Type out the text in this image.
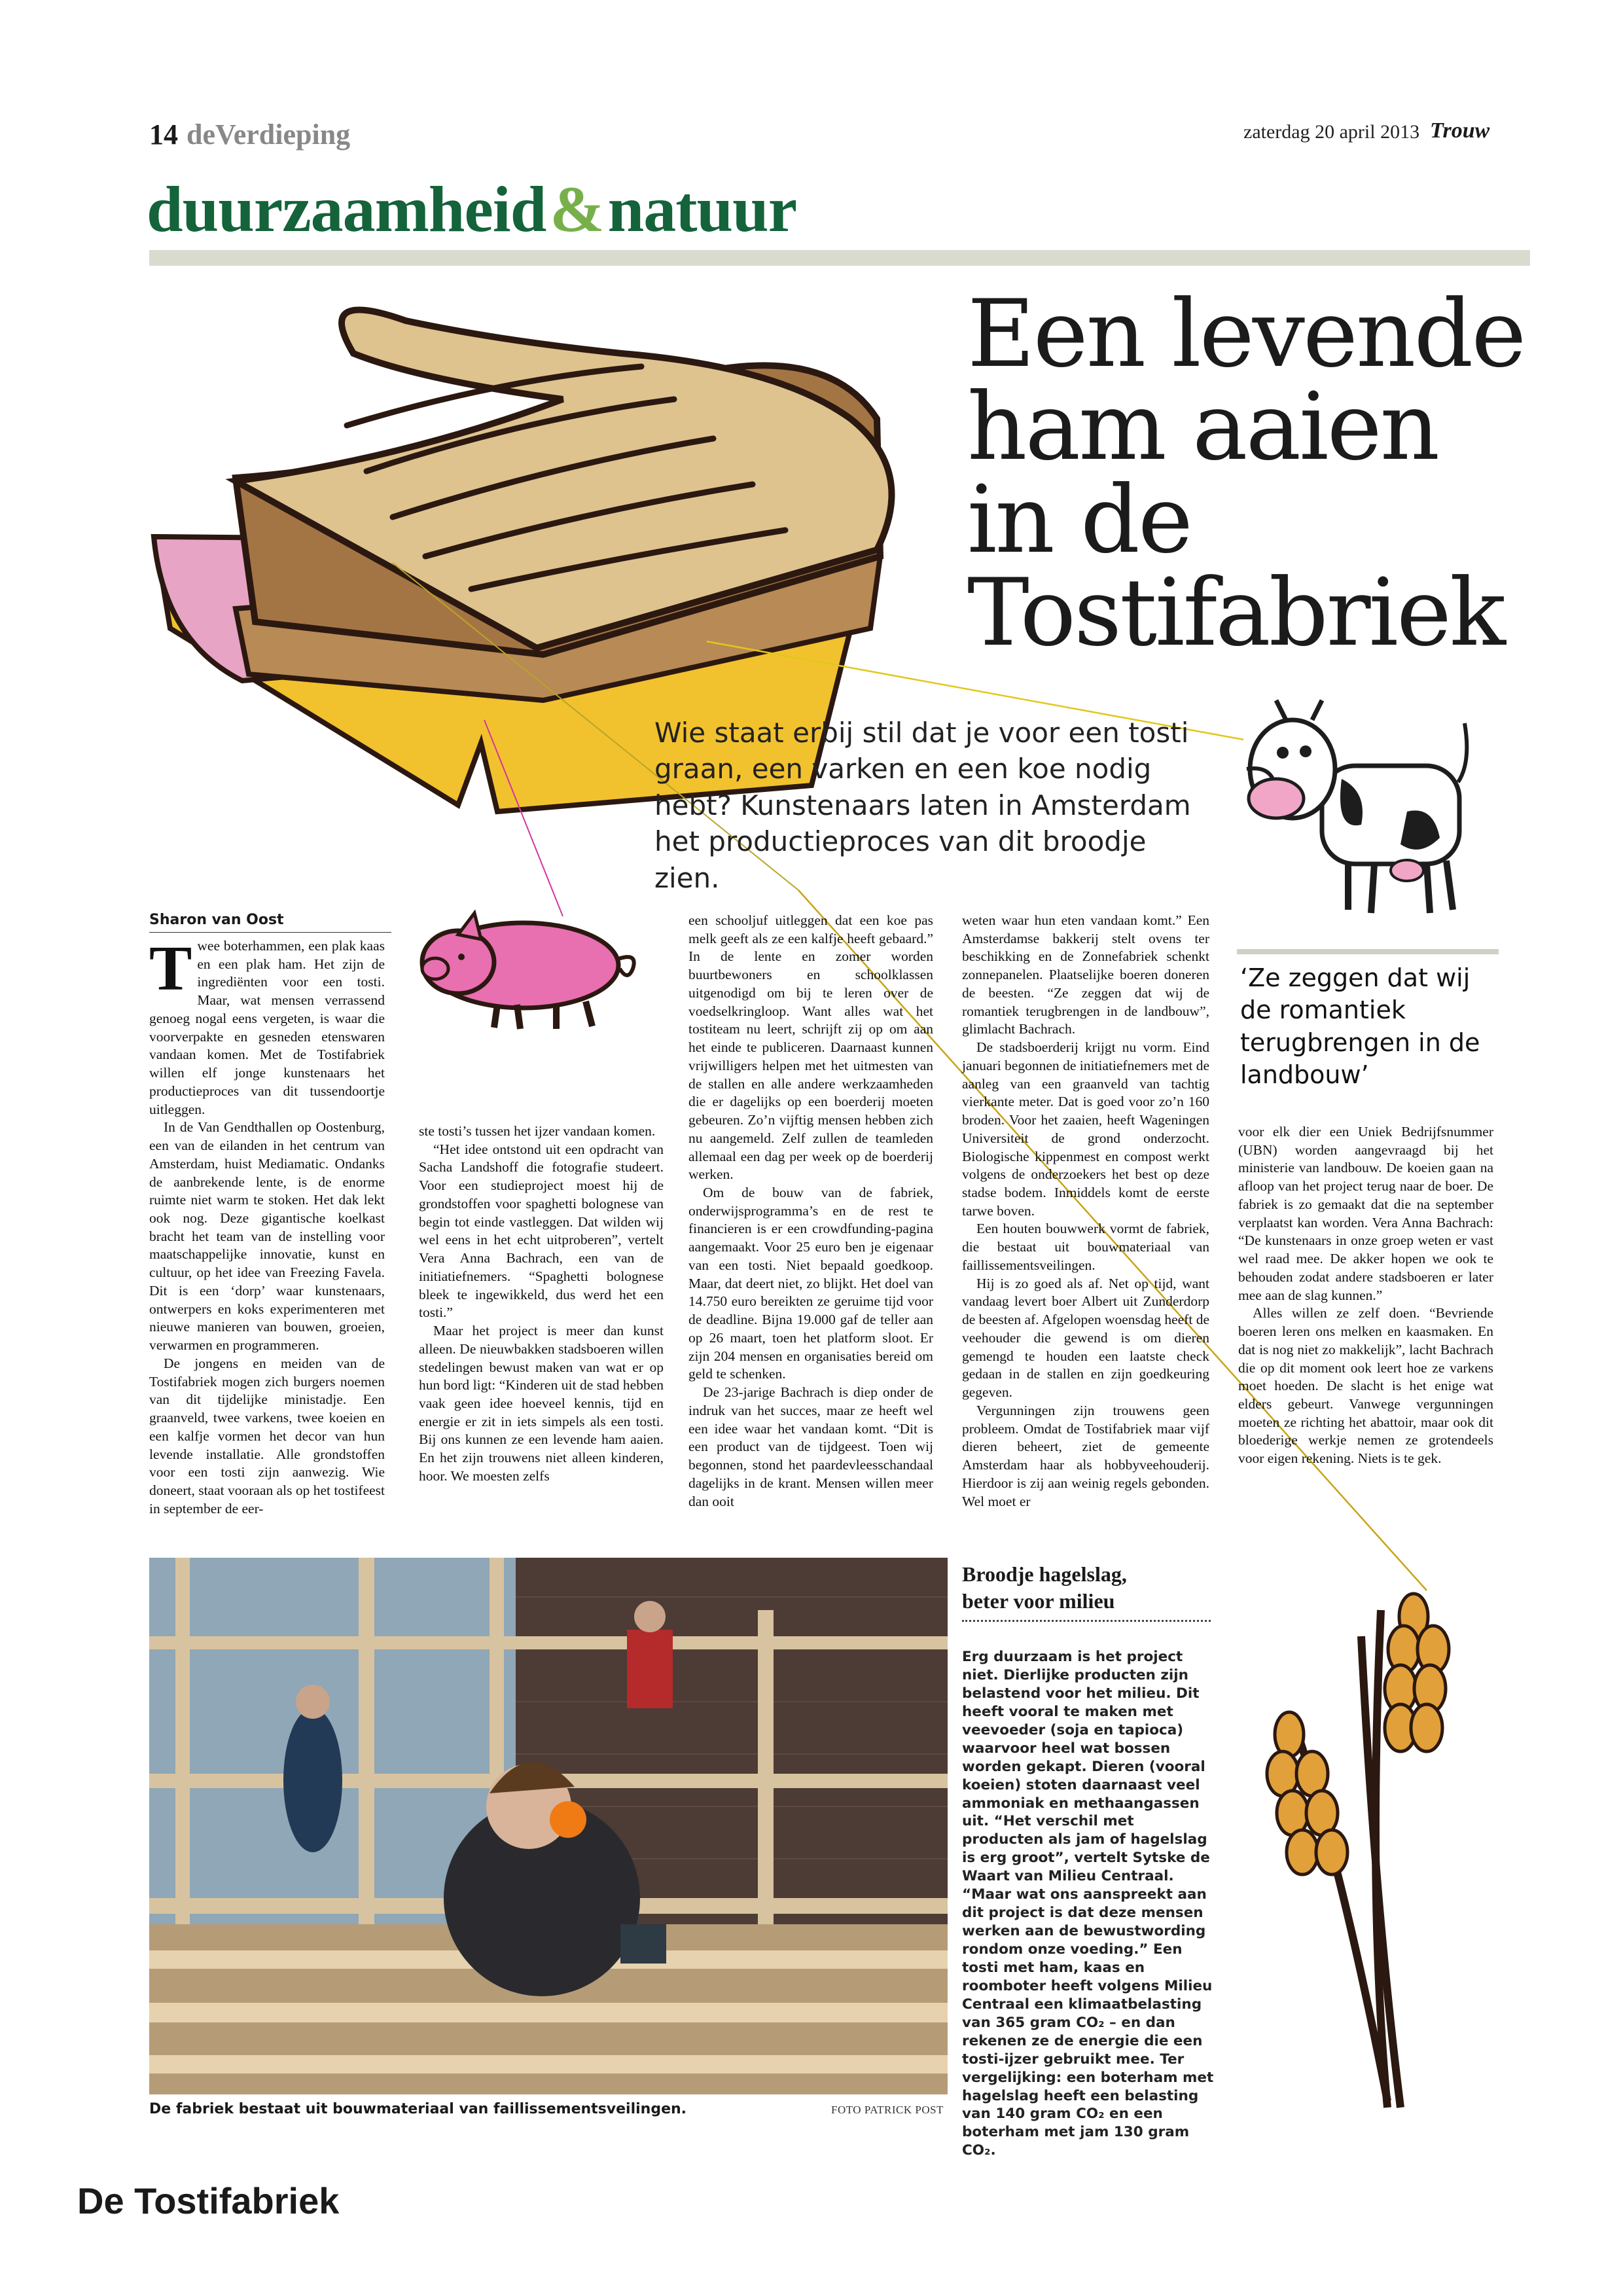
14 deVerdieping	zaterdag 20 april 2013 Trouw
duurzaamheid&natuur
Een levende
ham aaien
in de
Tostifabriek
Wie staat erbij stil dat je voor een tosti graan, een varken en een koe nodig hebt? Kunstenaars laten in Amsterdam het productieproces van dit broodje zien.
‘Ze zeggen dat wij de romantiek terugbrengen in de landbouw’
Sharon van Oost

Twee boterhammen, een plak kaas en een plak ham. Het zijn de ingrediënten voor een tosti. Maar, wat mensen verrassend genoeg nogal eens vergeten, is waar die voorverpakte en gesneden etenswaren vandaan komen. Met de Tostifabriek willen elf jonge kunstenaars het productieproces van dit tussendoortje uitleggen.

In de Van Gendthallen op Oostenburg, een van de eilanden in het centrum van Amsterdam, huist Mediamatic. Ondanks de aanbrekende lente, is de enorme ruimte niet warm te stoken. Het dak lekt ook nog. Deze gigantische koelkast bracht het team van de instelling voor maatschappelijke innovatie, kunst en cultuur, op het idee van Freezing Favela. Dit is een ‘dorp’ waar kunstenaars, ontwerpers en koks experimenteren met nieuwe manieren van bouwen, groeien, verwarmen en programmeren.

De jongens en meiden van de Tostifabriek mogen zich burgers noemen van dit tijdelijke ministadje. Een graanveld, twee varkens, twee koeien en een kalfje vormen het decor van hun levende installatie. Alle grondstoffen voor een tosti zijn aanwezig. Wie doneert, staat vooraan als op het tostifeest in september de eer-

ste tosti’s tussen het ijzer vandaan komen.

“Het idee ontstond uit een opdracht van Sacha Landshoff die fotografie studeert. Voor een studieproject moest hij de grondstoffen voor spaghetti bolognese van begin tot einde vastleggen. Dat wilden wij wel eens in het echt uitproberen”, vertelt Vera Anna Bachrach, een van de initiatiefnemers. “Spaghetti bolognese bleek te ingewikkeld, dus werd het een tosti.”

Maar het project is meer dan kunst alleen. De nieuwbakken stadsboeren willen stedelingen bewust maken van wat er op hun bord ligt: “Kinderen uit de stad hebben vaak geen idee hoeveel kennis, tijd en energie er zit in iets simpels als een tosti. Bij ons kunnen ze een levende ham aaien. En het zijn trouwens niet alleen kinderen, hoor. We moesten zelfs

een schooljuf uitleggen dat een koe pas melk geeft als ze een kalfje heeft gebaard.” In de lente en zomer worden buurtbewoners en schoolklassen uitgenodigd om bij te leren over de voedselkringloop. Want alles wat het tostiteam nu leert, schrijft zij op om aan het einde te publiceren. Daarnaast kunnen vrijwilligers helpen met het uitmesten van de stallen en alle andere werkzaamheden die er dagelijks op een boerderij moeten gebeuren. Zo’n vijftig mensen hebben zich nu aangemeld. Zelf zullen de teamleden allemaal een dag per week op de boerderij werken.

Om de bouw van de fabriek, onderwijsprogramma’s en de rest te financieren is er een crowdfunding-pagina aangemaakt. Voor 25 euro ben je eigenaar van een tosti. Niet bepaald goedkoop. Maar, dat deert niet, zo blijkt. Het doel van 14.750 euro bereikten ze geruime tijd voor de deadline. Bijna 19.000 gaf de teller aan op 26 maart, toen het platform sloot. Er zijn 204 mensen en organisaties bereid om geld te schenken.

De 23-jarige Bachrach is diep onder de indruk van het succes, maar ze heeft wel een idee waar het vandaan komt. “Dit is een product van de tijdgeest. Toen wij begonnen, stond het paardevleesschandaal dagelijks in de krant. Mensen willen meer dan ooit

weten waar hun eten vandaan komt.” Een Amsterdamse bakkerij stelt ovens ter beschikking en de Zonnefabriek schenkt zonnepanelen. Plaatselijke boeren doneren de beesten. “Ze zeggen dat wij de romantiek terugbrengen in de landbouw”, glimlacht Bachrach.

De stadsboerderij krijgt nu vorm. Eind januari begonnen de initiatiefnemers met de aanleg van een graanveld van tachtig vierkante meter. Dat is goed voor zo’n 160 broden. Voor het zaaien, heeft Wageningen Universiteit de grond onderzocht. Biologische kippenmest en compost werkt volgens de onderzoekers het best op deze stadse bodem. Inmiddels komt de eerste tarwe boven.

Een houten bouwwerk vormt de fabriek, die bestaat uit bouwmateriaal van faillissementsveilingen.

Hij is zo goed als af. Net op tijd, want vandaag levert boer Albert uit Zunderdorp de beesten af. Afgelopen woensdag heeft de veehouder die gewend is om dieren gemengd te houden een laatste check gedaan in de stallen en zijn goedkeuring gegeven.

Vergunningen zijn trouwens geen probleem. Omdat de Tostifabriek maar vijf dieren beheert, ziet de gemeente Amsterdam haar als hobbyveehouderij. Hierdoor is zij aan weinig regels gebonden. Wel moet er

voor elk dier een Uniek Bedrijfsnummer (UBN) worden aangevraagd bij het ministerie van landbouw. De koeien gaan na afloop van het project terug naar de boer. De fabriek is zo gemaakt dat die na september verplaatst kan worden. Vera Anna Bachrach: “De kunstenaars in onze groep weten er vast wel raad mee. De akker hopen we ook te behouden zodat andere stadsboeren er later mee aan de slag kunnen.”

Alles willen ze zelf doen. “Bevriende boeren leren ons melken en kaasmaken. En dat is nog niet zo makkelijk”, lacht Bachrach die op dit moment ook leert hoe ze varkens moet hoeden. De slacht is het enige wat elders gebeurt. Vanwege vergunningen moeten ze richting het abattoir, maar ook dit bloederige werkje nemen ze grotendeels voor eigen rekening. Niets is te gek.

Broodje hagelslag,
beter voor milieu
Erg duurzaam is het project niet. Dierlijke producten zijn belastend voor het milieu. Dit heeft vooral te maken met veevoeder (soja en tapioca) waarvoor heel wat bossen worden gekapt. Dieren (vooral koeien) stoten daarnaast veel ammoniak en methaangassen uit. “Het verschil met producten als jam of hagelslag is erg groot”, vertelt Sytske de Waart van Milieu Centraal. “Maar wat ons aanspreekt aan dit project is dat deze mensen werken aan de bewustwording rondom onze voeding.” Een tosti met ham, kaas en roomboter heeft volgens Milieu Centraal een klimaatbelasting van 365 gram CO₂ – en dan rekenen ze de energie die een tosti-ijzer gebruikt mee. Ter vergelijking: een boterham met hagelslag heeft een belasting van 140 gram CO₂ en een boterham met jam 130 gram CO₂.
De fabriek bestaat uit bouwmateriaal van faillissementsveilingen.	FOTO PATRICK POST
De Tostifabriek
